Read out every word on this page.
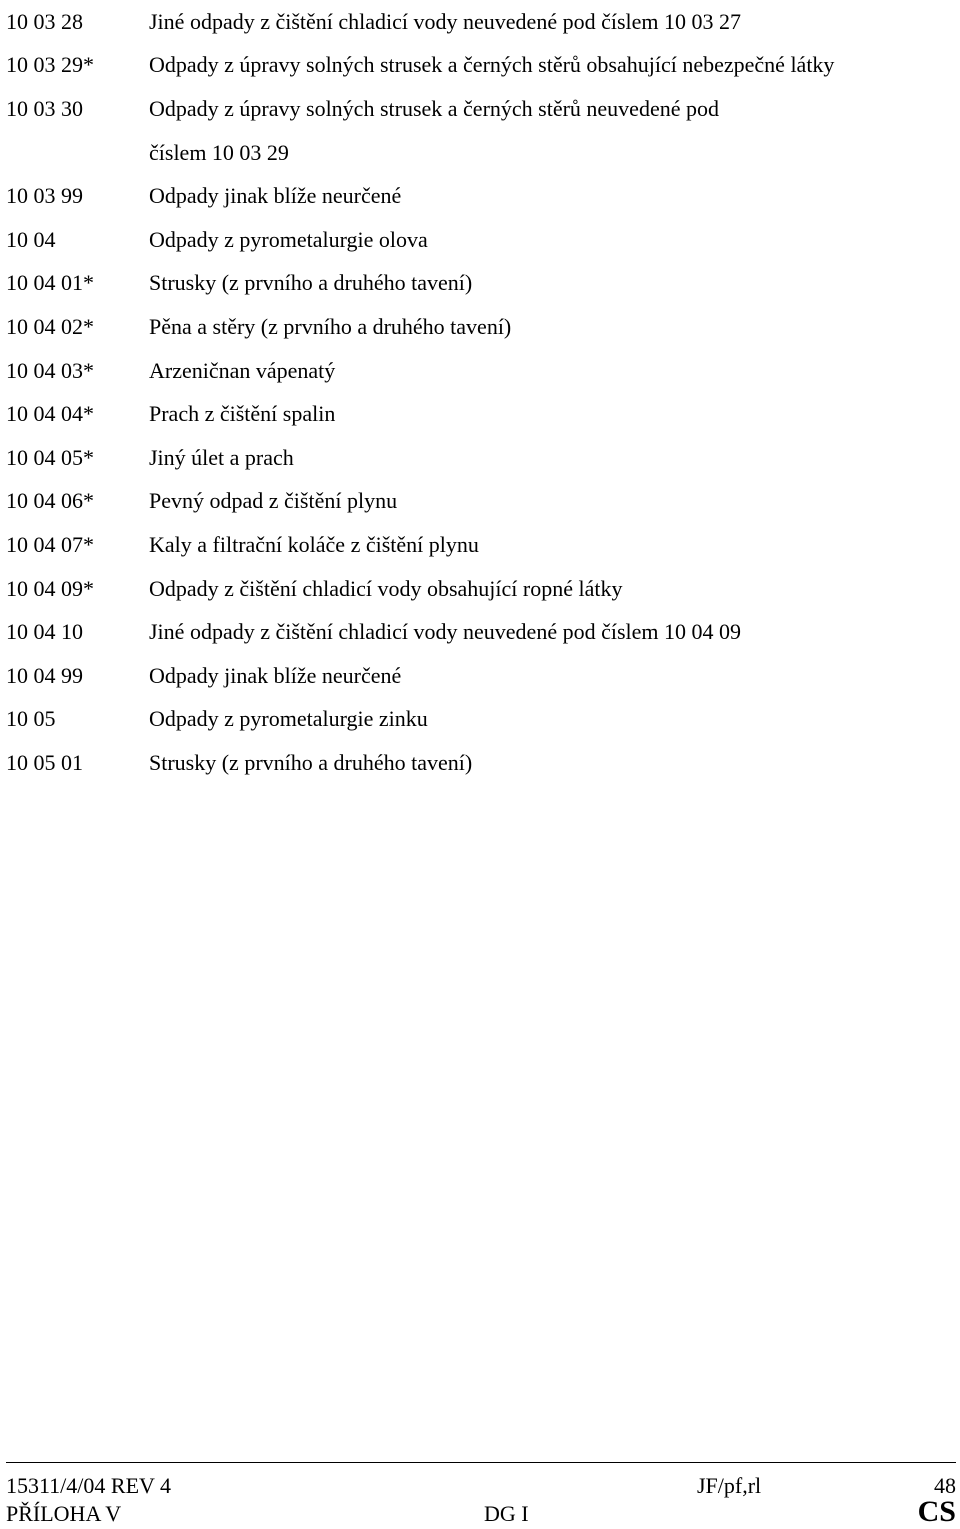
10 03 28	Jiné odpady z čištění chladicí vody neuvedené pod číslem 10 03 27
10 03 29*	Odpady z úpravy solných strusek a černých stěrů obsahující nebezpečné látky
10 03 30	Odpady z úpravy solných strusek a černých stěrů neuvedené pod
číslem 10 03 29
10 03 99	Odpady jinak blíže neurčené
10 04	Odpady z pyrometalurgie olova
10 04 01*	Strusky (z prvního a druhého tavení)
10 04 02*	Pěna a stěry (z prvního a druhého tavení)
10 04 03*	Arzeničnan vápenatý
10 04 04*	Prach z čištění spalin
10 04 05*	Jiný úlet a prach
10 04 06*	Pevný odpad z čištění plynu
10 04 07*	Kaly a filtrační koláče z čištění plynu
10 04 09*	Odpady z čištění chladicí vody obsahující ropné látky
10 04 10	Jiné odpady z čištění chladicí vody neuvedené pod číslem 10 04 09
10 04 99	Odpady jinak blíže neurčené
10 05	Odpady z pyrometalurgie zinku
10 05 01	Strusky (z prvního a druhého tavení)
15311/4/04 REV 4	JF/pf,rl	48
PŘÍLOHA V	DG I	CS
